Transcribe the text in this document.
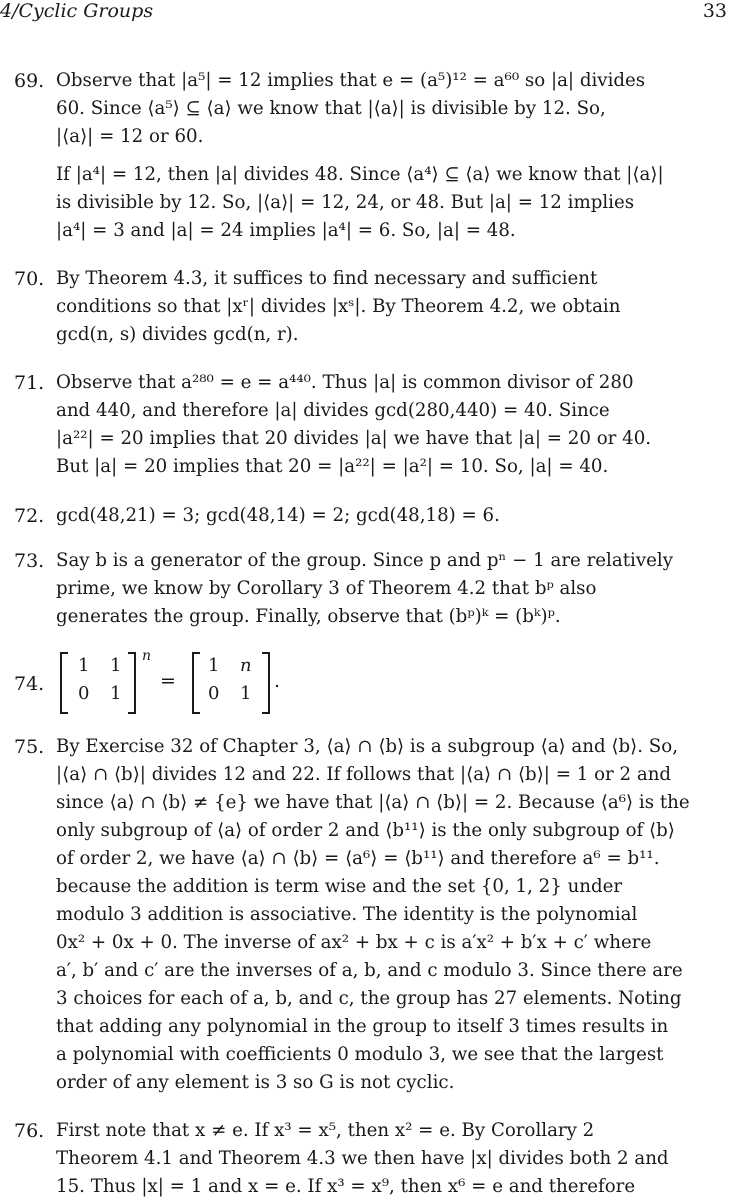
4/Cyclic Groups	33
69. Observe that |a⁵| = 12 implies that e = (a⁵)¹² = a⁶⁰ so |a| divides
60. Since ⟨a⁵⟩ ⊆ ⟨a⟩ we know that |⟨a⟩| is divisible by 12. So,
|⟨a⟩| = 12 or 60.
If |a⁴| = 12, then |a| divides 48. Since ⟨a⁴⟩ ⊆ ⟨a⟩ we know that |⟨a⟩|
is divisible by 12. So, |⟨a⟩| = 12, 24, or 48. But |a| = 12 implies
|a⁴| = 3 and |a| = 24 implies |a⁴| = 6. So, |a| = 48.
70. By Theorem 4.3, it suffices to find necessary and sufficient
conditions so that |xʳ| divides |xˢ|. By Theorem 4.2, we obtain
gcd(n, s) divides gcd(n, r).
71. Observe that a²⁸⁰ = e = a⁴⁴⁰. Thus |a| is common divisor of 280
and 440, and therefore |a| divides gcd(280,440) = 40. Since
|a²²| = 20 implies that 20 divides |a| we have that |a| = 20 or 40.
But |a| = 20 implies that 20 = |a²²| = |a²| = 10. So, |a| = 40.
72. gcd(48,21) = 3; gcd(48,14) = 2; gcd(48,18) = 6.
73. Say b is a generator of the group. Since p and pⁿ − 1 are relatively
prime, we know by Corollary 3 of Theorem 4.2 that bᵖ also
generates the group. Finally, observe that (bᵖ)ᵏ = (bᵏ)ᵖ.
74.
1 1
0 1
n
=
1 n
0 1
.
75. By Exercise 32 of Chapter 3, ⟨a⟩ ∩ ⟨b⟩ is a subgroup ⟨a⟩ and ⟨b⟩. So,
|⟨a⟩ ∩ ⟨b⟩| divides 12 and 22. If follows that |⟨a⟩ ∩ ⟨b⟩| = 1 or 2 and
since ⟨a⟩ ∩ ⟨b⟩ ≠ {e} we have that |⟨a⟩ ∩ ⟨b⟩| = 2. Because ⟨a⁶⟩ is the
only subgroup of ⟨a⟩ of order 2 and ⟨b¹¹⟩ is the only subgroup of ⟨b⟩
of order 2, we have ⟨a⟩ ∩ ⟨b⟩ = ⟨a⁶⟩ = ⟨b¹¹⟩ and therefore a⁶ = b¹¹.
because the addition is term wise and the set {0, 1, 2} under
modulo 3 addition is associative. The identity is the polynomial
0x² + 0x + 0. The inverse of ax² + bx + c is a′x² + b′x + c′ where
a′, b′ and c′ are the inverses of a, b, and c modulo 3. Since there are
3 choices for each of a, b, and c, the group has 27 elements. Noting
that adding any polynomial in the group to itself 3 times results in
a polynomial with coefficients 0 modulo 3, we see that the largest
order of any element is 3 so G is not cyclic.
76. First note that x ≠ e. If x³ = x⁵, then x² = e. By Corollary 2
Theorem 4.1 and Theorem 4.3 we then have |x| divides both 2 and
15. Thus |x| = 1 and x = e. If x³ = x⁹, then x⁶ = e and therefore
